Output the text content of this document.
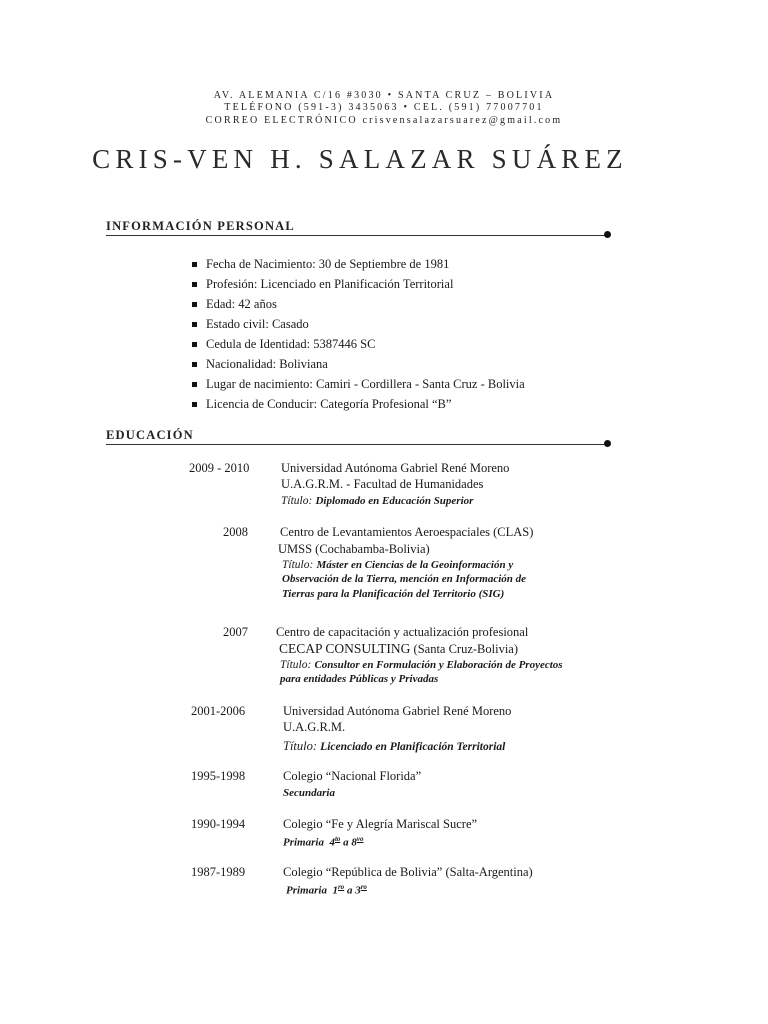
AV. ALEMANIA C/16 #3030 • SANTA CRUZ – BOLIVIA
TELÉFONO (591-3) 3435063 • CEL. (591) 77007701
CORREO ELECTRÓNICO crisvensalazarsuarez@gmail.com
CRIS-VEN H. SALAZAR SUÁREZ
INFORMACIÓN PERSONAL
Fecha de Nacimiento: 30 de Septiembre de 1981
Profesión: Licenciado en Planificación Territorial
Edad: 42 años
Estado civil: Casado
Cedula de Identidad: 5387446 SC
Nacionalidad: Boliviana
Lugar de nacimiento: Camiri - Cordillera - Santa Cruz - Bolivia
Licencia de Conducir: Categoría Profesional “B”
EDUCACIÓN
2009 - 2010	Universidad Autónoma Gabriel René Moreno
U.A.G.R.M. - Facultad de Humanidades
Título: Diplomado en Educación Superior
2008	Centro de Levantamientos Aeroespaciales (CLAS)
UMSS (Cochabamba-Bolivia)
Título: Máster en Ciencias de la Geoinformación y
Observación de la Tierra, mención en Información de
Tierras para la Planificación del Territorio (SIG)
2007 Centro de capacitación y actualización profesional
CECAP CONSULTING (Santa Cruz-Bolivia)
Título: Consultor en Formulación y Elaboración de Proyectos
para entidades Públicas y Privadas
2001-2006	Universidad Autónoma Gabriel René Moreno
U.A.G.R.M.
Título: Licenciado en Planificación Territorial
1995-1998	Colegio “Nacional Florida”
Secundaria
1990-1994	Colegio “Fe y Alegría Mariscal Sucre”
Primaria $4^{to}$ a $8^{vo}$
1987-1989	Colegio “República de Bolivia” (Salta-Argentina)
Primaria $1^{ro}$ a $3^{ro}$
